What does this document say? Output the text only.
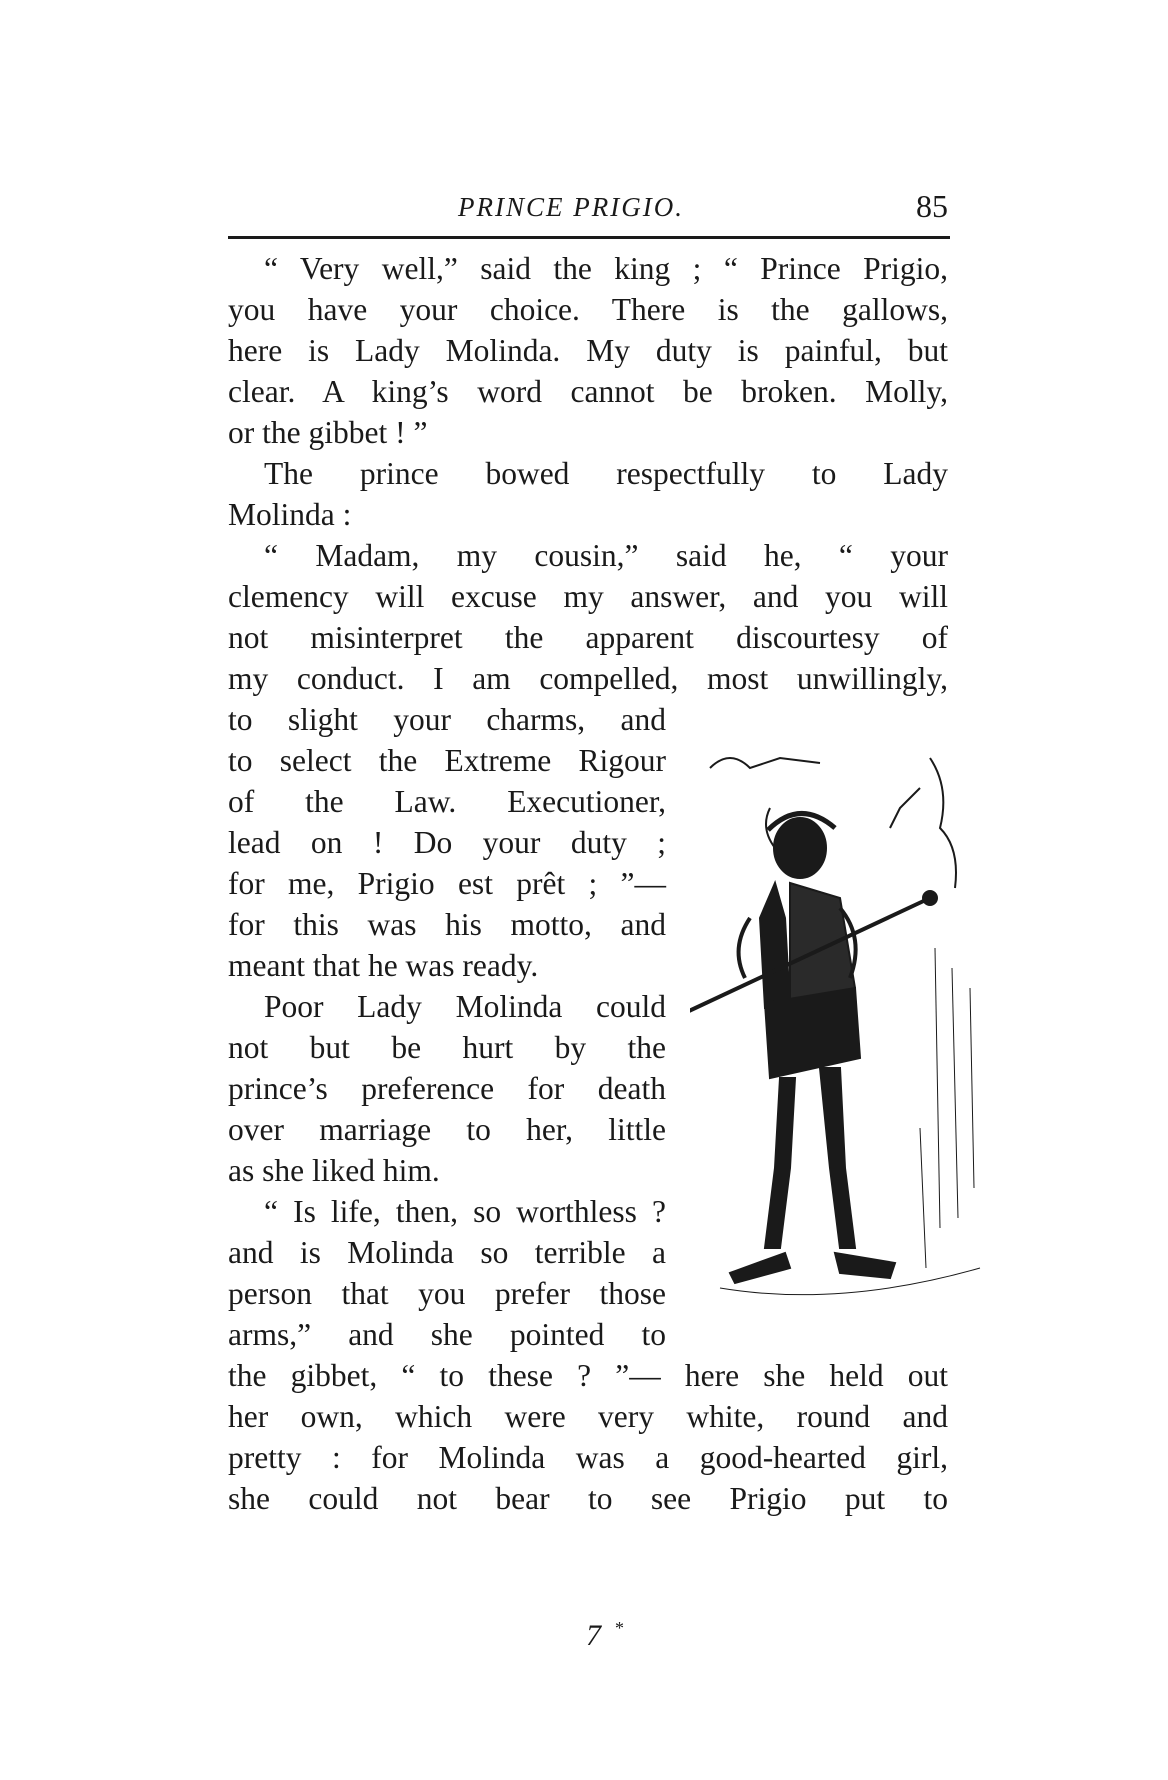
PRINCE PRIGIO.	85
“ Very well,” said the king ; “ Prince Prigio,
you have your choice. There is the gallows,
here is Lady Molinda. My duty is painful, but
clear. A king’s word cannot be broken. Molly,
or the gibbet ! ”
The prince bowed respectfully to Lady
Molinda :
“ Madam, my cousin,” said he, “ your
clemency will excuse my answer, and you will
not misinterpret the apparent discourtesy of
my conduct. I am compelled, most unwillingly,
to slight your charms, and
to select the Extreme Rigour
of the Law. Executioner,
lead on ! Do your duty ;
for me, Prigio est prêt ; ”—
for this was his motto, and
meant that he was ready.
Poor Lady Molinda could
not but be hurt by the
prince’s preference for death
over marriage to her, little
as she liked him.
“ Is life, then, so worthless ?
and is Molinda so terrible a
person that you prefer those
arms,” and she pointed to
the gibbet, “ to these ? ”— here she held out
her own, which were very white, round and
pretty : for Molinda was a good-hearted girl,
she could not bear to see Prigio put to
7 *
